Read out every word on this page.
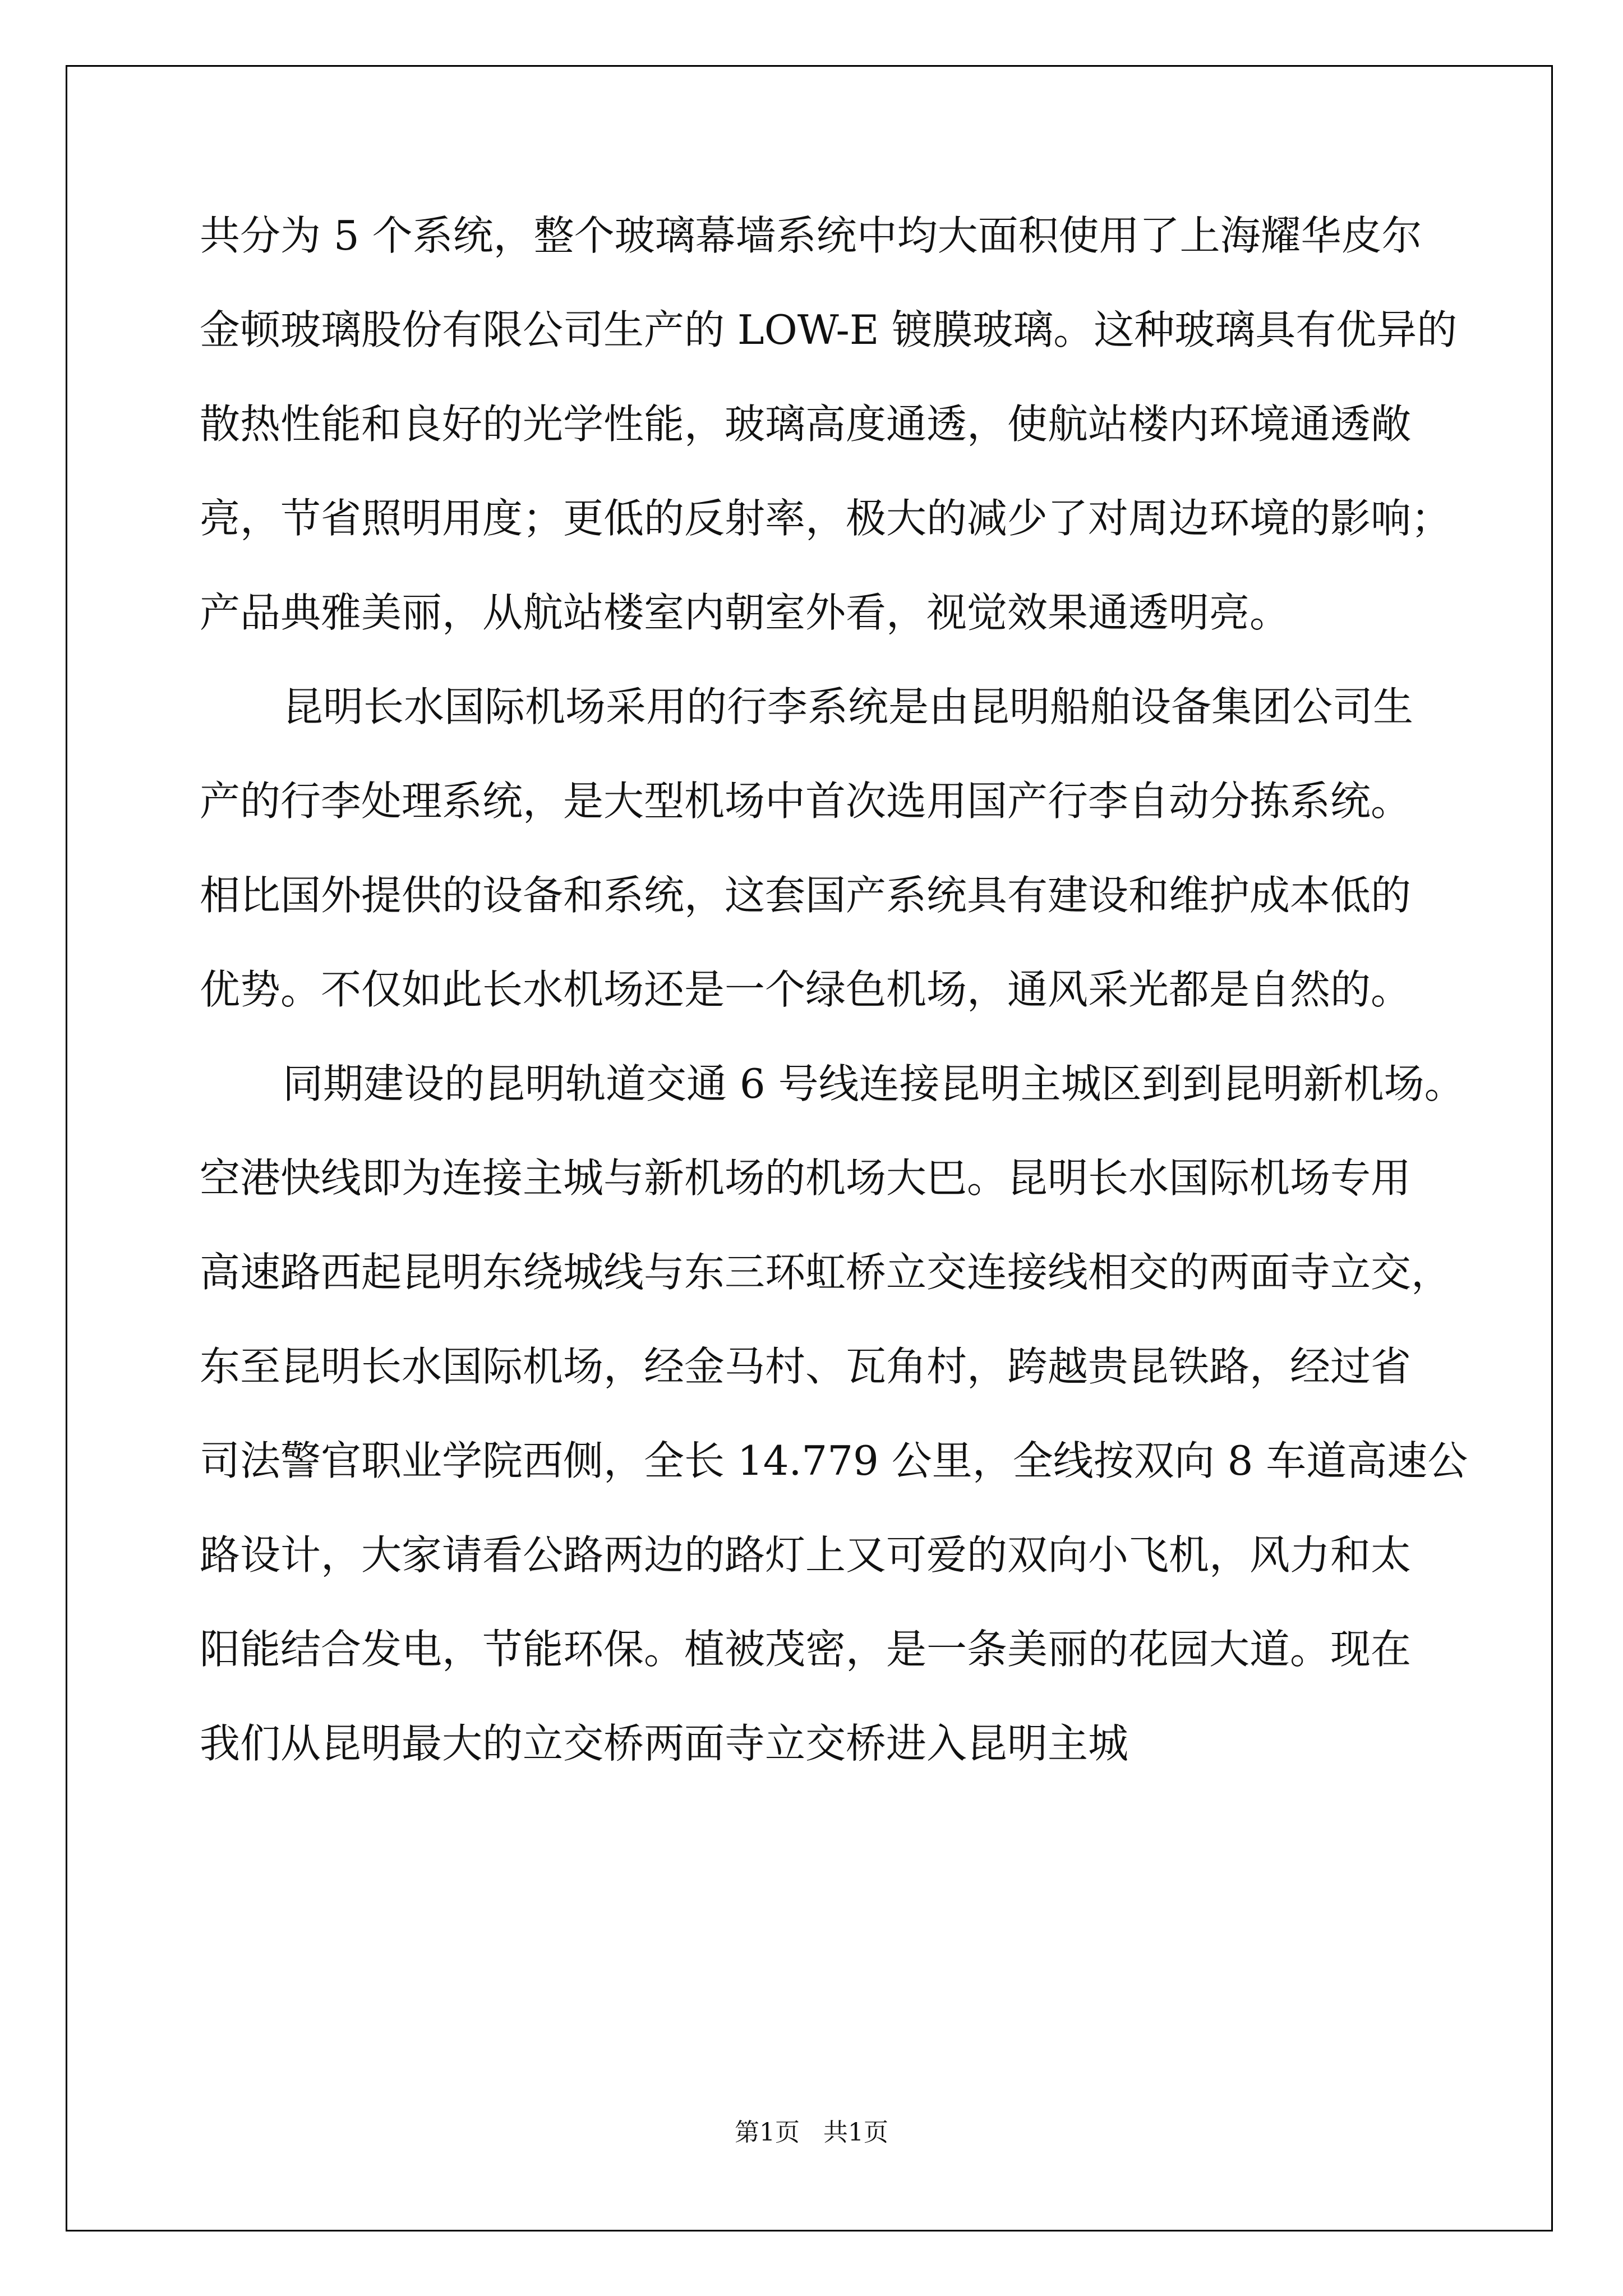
共分为 5 个系统，整个玻璃幕墙系统中均大面积使用了上海耀华皮尔
金顿玻璃股份有限公司生产的 LOW-E 镀膜玻璃。这种玻璃具有优异的
散热性能和良好的光学性能，玻璃高度通透，使航站楼内环境通透敞
亮，节省照明用度；更低的反射率，极大的减少了对周边环境的影响；
产品典雅美丽，从航站楼室内朝室外看，视觉效果通透明亮。
昆明长水国际机场采用的行李系统是由昆明船舶设备集团公司生
产的行李处理系统，是大型机场中首次选用国产行李自动分拣系统。
相比国外提供的设备和系统，这套国产系统具有建设和维护成本低的
优势。不仅如此长水机场还是一个绿色机场，通风采光都是自然的。
同期建设的昆明轨道交通 6 号线连接昆明主城区到到昆明新机场。
空港快线即为连接主城与新机场的机场大巴。昆明长水国际机场专用
高速路西起昆明东绕城线与东三环虹桥立交连接线相交的两面寺立交，
东至昆明长水国际机场，经金马村、瓦角村，跨越贵昆铁路，经过省
司法警官职业学院西侧，全长 14.779 公里，全线按双向 8 车道高速公
路设计，大家请看公路两边的路灯上又可爱的双向小飞机，风力和太
阳能结合发电，节能环保。植被茂密，是一条美丽的花园大道。现在
我们从昆明最大的立交桥两面寺立交桥进入昆明主城
第1页   共1页
